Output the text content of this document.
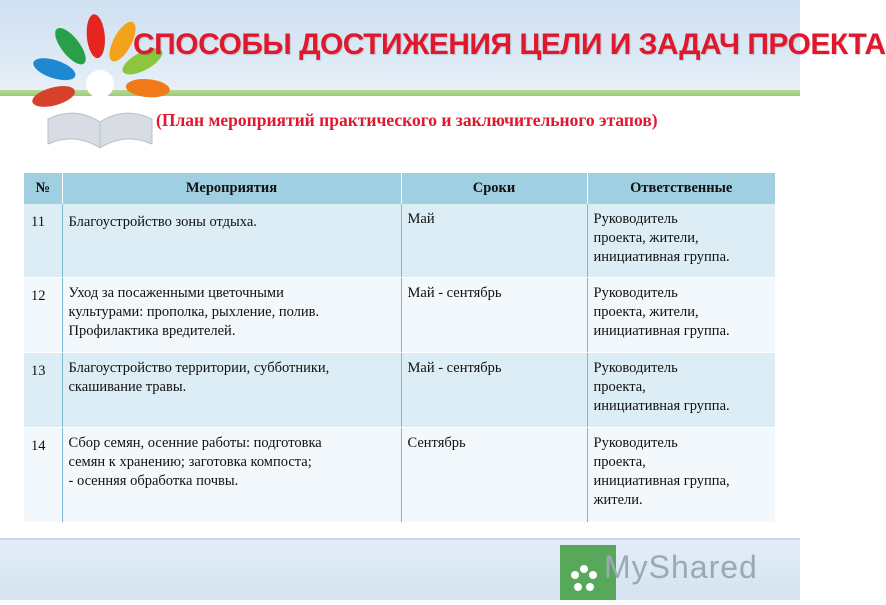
СПОСОБЫ ДОСТИЖЕНИЯ ЦЕЛИ И ЗАДАЧ ПРОЕКТА
(План мероприятий практического и заключительного этапов)
№	Мероприятия	Сроки	Ответственные
11	Благоустройство зоны отдыха.	Май	Руководитель
проекта, жители,
инициативная группа.
12	Уход за посаженными цветочными
культурами: прополка, рыхление, полив.
Профилактика вредителей.	Май - сентябрь	Руководитель
проекта, жители,
инициативная группа.
13	Благоустройство территории, субботники,
скашивание травы.	Май - сентябрь	Руководитель
проекта,
инициативная группа.
14	Сбор семян, осенние работы: подготовка
семян к хранению; заготовка компоста;
- осенняя обработка почвы.	Сентябрь	Руководитель
проекта,
инициативная группа,
жители.
MyShared
